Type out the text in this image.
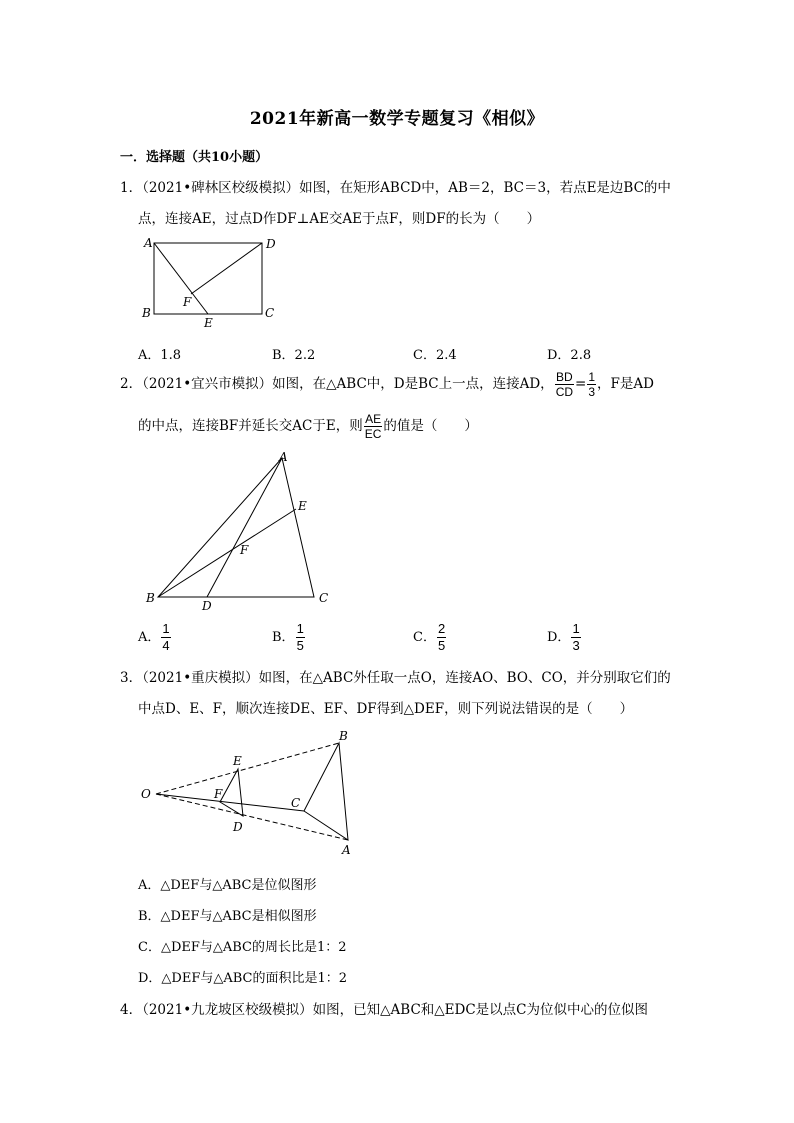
2021年新高一数学专题复习《相似》
一．选择题（共10小题）
1．（2021•碑林区校级模拟）如图，在矩形ABCD中，AB＝2，BC＝3，若点E是边BC的中
点，连接AE，过点D作DF⊥AE交AE于点F，则DF的长为（　　）
A	D
F
B
E
C
A．1.8	B．2.2	C．2.4	D．2.8
2．（2021•宜兴市模拟）如图，在△ABC中，D是BC上一点，连接AD， $\frac{BD}{CD} = \frac{1}{3}$ ，F是AD
的中点，连接BF并延长交AC于E，则 $\frac{AE}{EC}$ 的值是（　　）
A
E
F
B
D
C
A． $\frac{1}{4}$	B． $\frac{1}{5}$	C． $\frac{2}{5}$	D． $\frac{1}{3}$
3．（2021•重庆模拟）如图，在△ABC外任取一点O，连接AO、BO、CO，并分别取它们的
中点D、E、F，顺次连接DE、EF、DF得到△DEF，则下列说法错误的是（　　）
O
E
F
D
B
C
A
A．△DEF与△ABC是位似图形
B．△DEF与△ABC是相似图形
C．△DEF与△ABC的周长比是1：2
D．△DEF与△ABC的面积比是1：2
4．（2021•九龙坡区校级模拟）如图，已知△ABC和△EDC是以点C为位似中心的位似图
